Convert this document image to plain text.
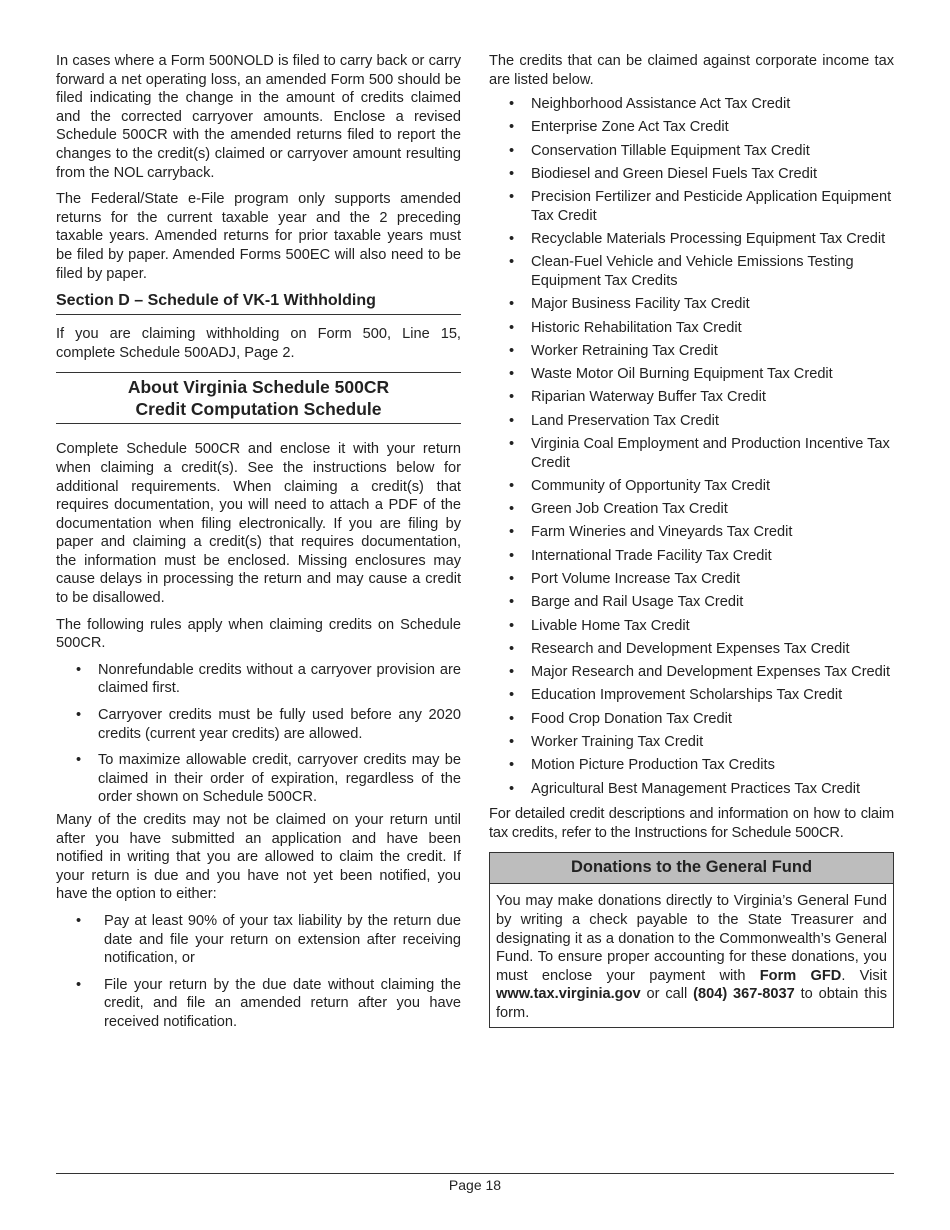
In cases where a Form 500NOLD is filed to carry back or carry forward a net operating loss, an amended Form 500 should be filed indicating the change in the amount of credits claimed and the corrected carryover amounts. Enclose a revised Schedule 500CR with the amended returns filed to report the changes to the credit(s) claimed or carryover amount resulting from the NOL carryback.

The Federal/State e-File program only supports amended returns for the current taxable year and the 2 preceding taxable years. Amended returns for prior taxable years must be filed by paper. Amended Forms 500EC will also need to be filed by paper.

Section D – Schedule of VK-1 Withholding

If you are claiming withholding on Form 500, Line 15, complete Schedule 500ADJ, Page 2.

About Virginia Schedule 500CR
Credit Computation Schedule

Complete Schedule 500CR and enclose it with your return when claiming a credit(s). See the instructions below for additional requirements. When claiming a credit(s) that requires documentation, you will need to attach a PDF of the documentation when filing electronically. If you are filing by paper and claiming a credit(s) that requires documentation, the information must be enclosed. Missing enclosures may cause delays in processing the return and may cause a credit to be disallowed.

The following rules apply when claiming credits on Schedule 500CR.

• Nonrefundable credits without a carryover provision are claimed first.
• Carryover credits must be fully used before any 2020 credits (current year credits) are allowed.
• To maximize allowable credit, carryover credits may be claimed in their order of expiration, regardless of the order shown on Schedule 500CR.

Many of the credits may not be claimed on your return until after you have submitted an application and have been notified in writing that you are allowed to claim the credit. If your return is due and you have not yet been notified, you have the option to either:

• Pay at least 90% of your tax liability by the return due date and file your return on extension after receiving notification, or
• File your return by the due date without claiming the credit, and file an amended return after you have received notification.

The credits that can be claimed against corporate income tax are listed below.

• Neighborhood Assistance Act Tax Credit
• Enterprise Zone Act Tax Credit
• Conservation Tillable Equipment Tax Credit
• Biodiesel and Green Diesel Fuels Tax Credit
• Precision Fertilizer and Pesticide Application Equipment Tax Credit
• Recyclable Materials Processing Equipment Tax Credit
• Clean-Fuel Vehicle and Vehicle Emissions Testing Equipment Tax Credits
• Major Business Facility Tax Credit
• Historic Rehabilitation Tax Credit
• Worker Retraining Tax Credit
• Waste Motor Oil Burning Equipment Tax Credit
• Riparian Waterway Buffer Tax Credit
• Land Preservation Tax Credit
• Virginia Coal Employment and Production Incentive Tax Credit
• Community of Opportunity Tax Credit
• Green Job Creation Tax Credit
• Farm Wineries and Vineyards Tax Credit
• International Trade Facility Tax Credit
• Port Volume Increase Tax Credit
• Barge and Rail Usage Tax Credit
• Livable Home Tax Credit
• Research and Development Expenses Tax Credit
• Major Research and Development Expenses Tax Credit
• Education Improvement Scholarships Tax Credit
• Food Crop Donation Tax Credit
• Worker Training Tax Credit
• Motion Picture Production Tax Credits
• Agricultural Best Management Practices Tax Credit

For detailed credit descriptions and information on how to claim tax credits, refer to the Instructions for Schedule 500CR.

Donations to the General Fund

You may make donations directly to Virginia’s General Fund by writing a check payable to the State Treasurer and designating it as a donation to the Commonwealth’s General Fund. To ensure proper accounting for these donations, you must enclose your payment with Form GFD. Visit www.tax.virginia.gov or call (804) 367-8037 to obtain this form.

Page 18
